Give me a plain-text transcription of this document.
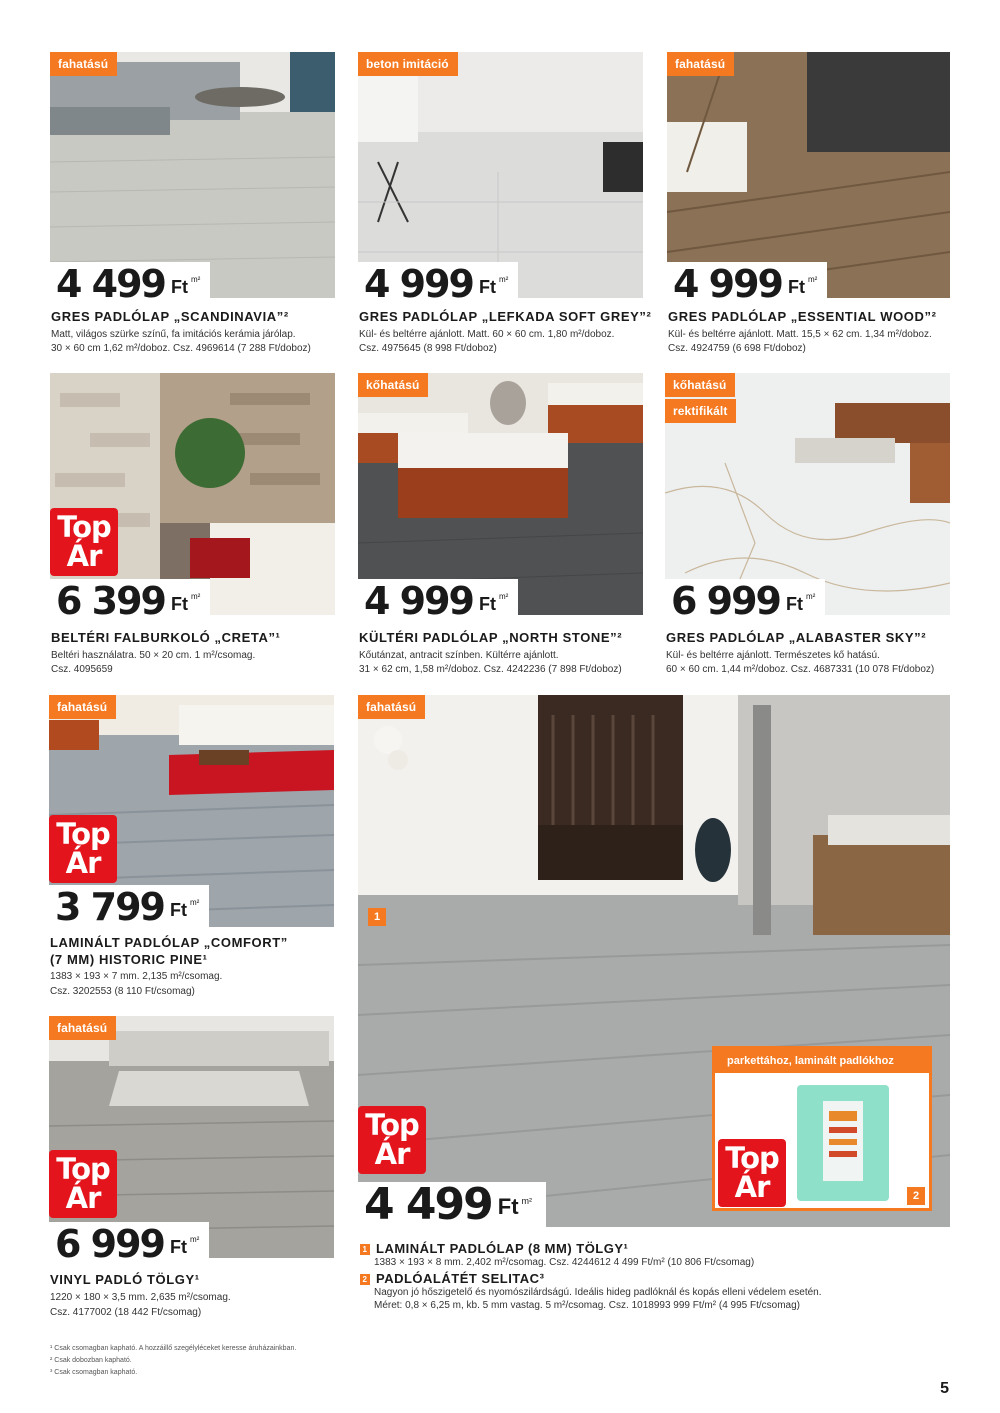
fahatású
4 499 Ft m²
GRES PADLÓLAP „SCANDINAVIA”²
Matt, világos szürke színű, fa imitációs kerámia járólap.
30 × 60 cm 1,62 m²/doboz. Csz. 4969614 (7 288 Ft/doboz)
beton imitáció
4 999 Ft m²
GRES PADLÓLAP „LEFKADA SOFT GREY”²
Kül- és beltérre ajánlott. Matt. 60 × 60 cm. 1,80 m²/doboz.
Csz. 4975645 (8 998 Ft/doboz)
fahatású
4 999 Ft m²
GRES PADLÓLAP „ESSENTIAL WOOD”²
Kül- és beltérre ajánlott. Matt. 15,5 × 62 cm. 1,34 m²/doboz.
Csz. 4924759 (6 698 Ft/doboz)
Top
Ár
6 399 Ft m²
BELTÉRI FALBURKOLÓ „CRETA”¹
Beltéri használatra. 50 × 20 cm. 1 m²/csomag.
Csz. 4095659
kőhatású
4 999 Ft m²
KÜLTÉRI PADLÓLAP „NORTH STONE”²
Kőutánzat, antracit színben. Kültérre ajánlott.
31 × 62 cm, 1,58 m²/doboz. Csz. 4242236 (7 898 Ft/doboz)
kőhatású
rektifikált
6 999 Ft m²
GRES PADLÓLAP „ALABASTER SKY”²
Kül- és beltérre ajánlott. Természetes kő hatású.
60 × 60 cm. 1,44 m²/doboz. Csz. 4687331 (10 078 Ft/doboz)
fahatású
Top
Ár
3 799 Ft m²
LAMINÁLT PADLÓLAP „COMFORT”
(7 MM) HISTORIC PINE¹
1383 × 193 × 7 mm. 2,135 m²/csomag.
Csz. 3202553 (8 110 Ft/csomag)
fahatású
Top
Ár
6 999 Ft m²
VINYL PADLÓ TÖLGY¹
1220 × 180 × 3,5 mm. 2,635 m²/csomag.
Csz. 4177002 (18 442 Ft/csomag)
fahatású
1
Top
Ár
4 499 Ft m²
1 LAMINÁLT PADLÓLAP (8 MM) TÖLGY¹
1383 × 193 × 8 mm. 2,402 m²/csomag. Csz. 4244612 4 499 Ft/m² (10 806 Ft/csomag)
2 PADLÓALÁTÉT SELITAC³
Nagyon jó hőszigetelő és nyomószilárdságú. Ideális hideg padlóknál és kopás elleni védelem esetén.
Méret: 0,8 × 6,25 m, kb. 5 mm vastag. 5 m²/csomag. Csz. 1018993 999 Ft/m² (4 995 Ft/csomag)
parkettához, laminált padlókhoz
Top
Ár	2
¹ Csak csomagban kapható. A hozzáillő szegélyléceket keresse áruházainkban.
² Csak dobozban kapható.
³ Csak csomagban kapható.
5
